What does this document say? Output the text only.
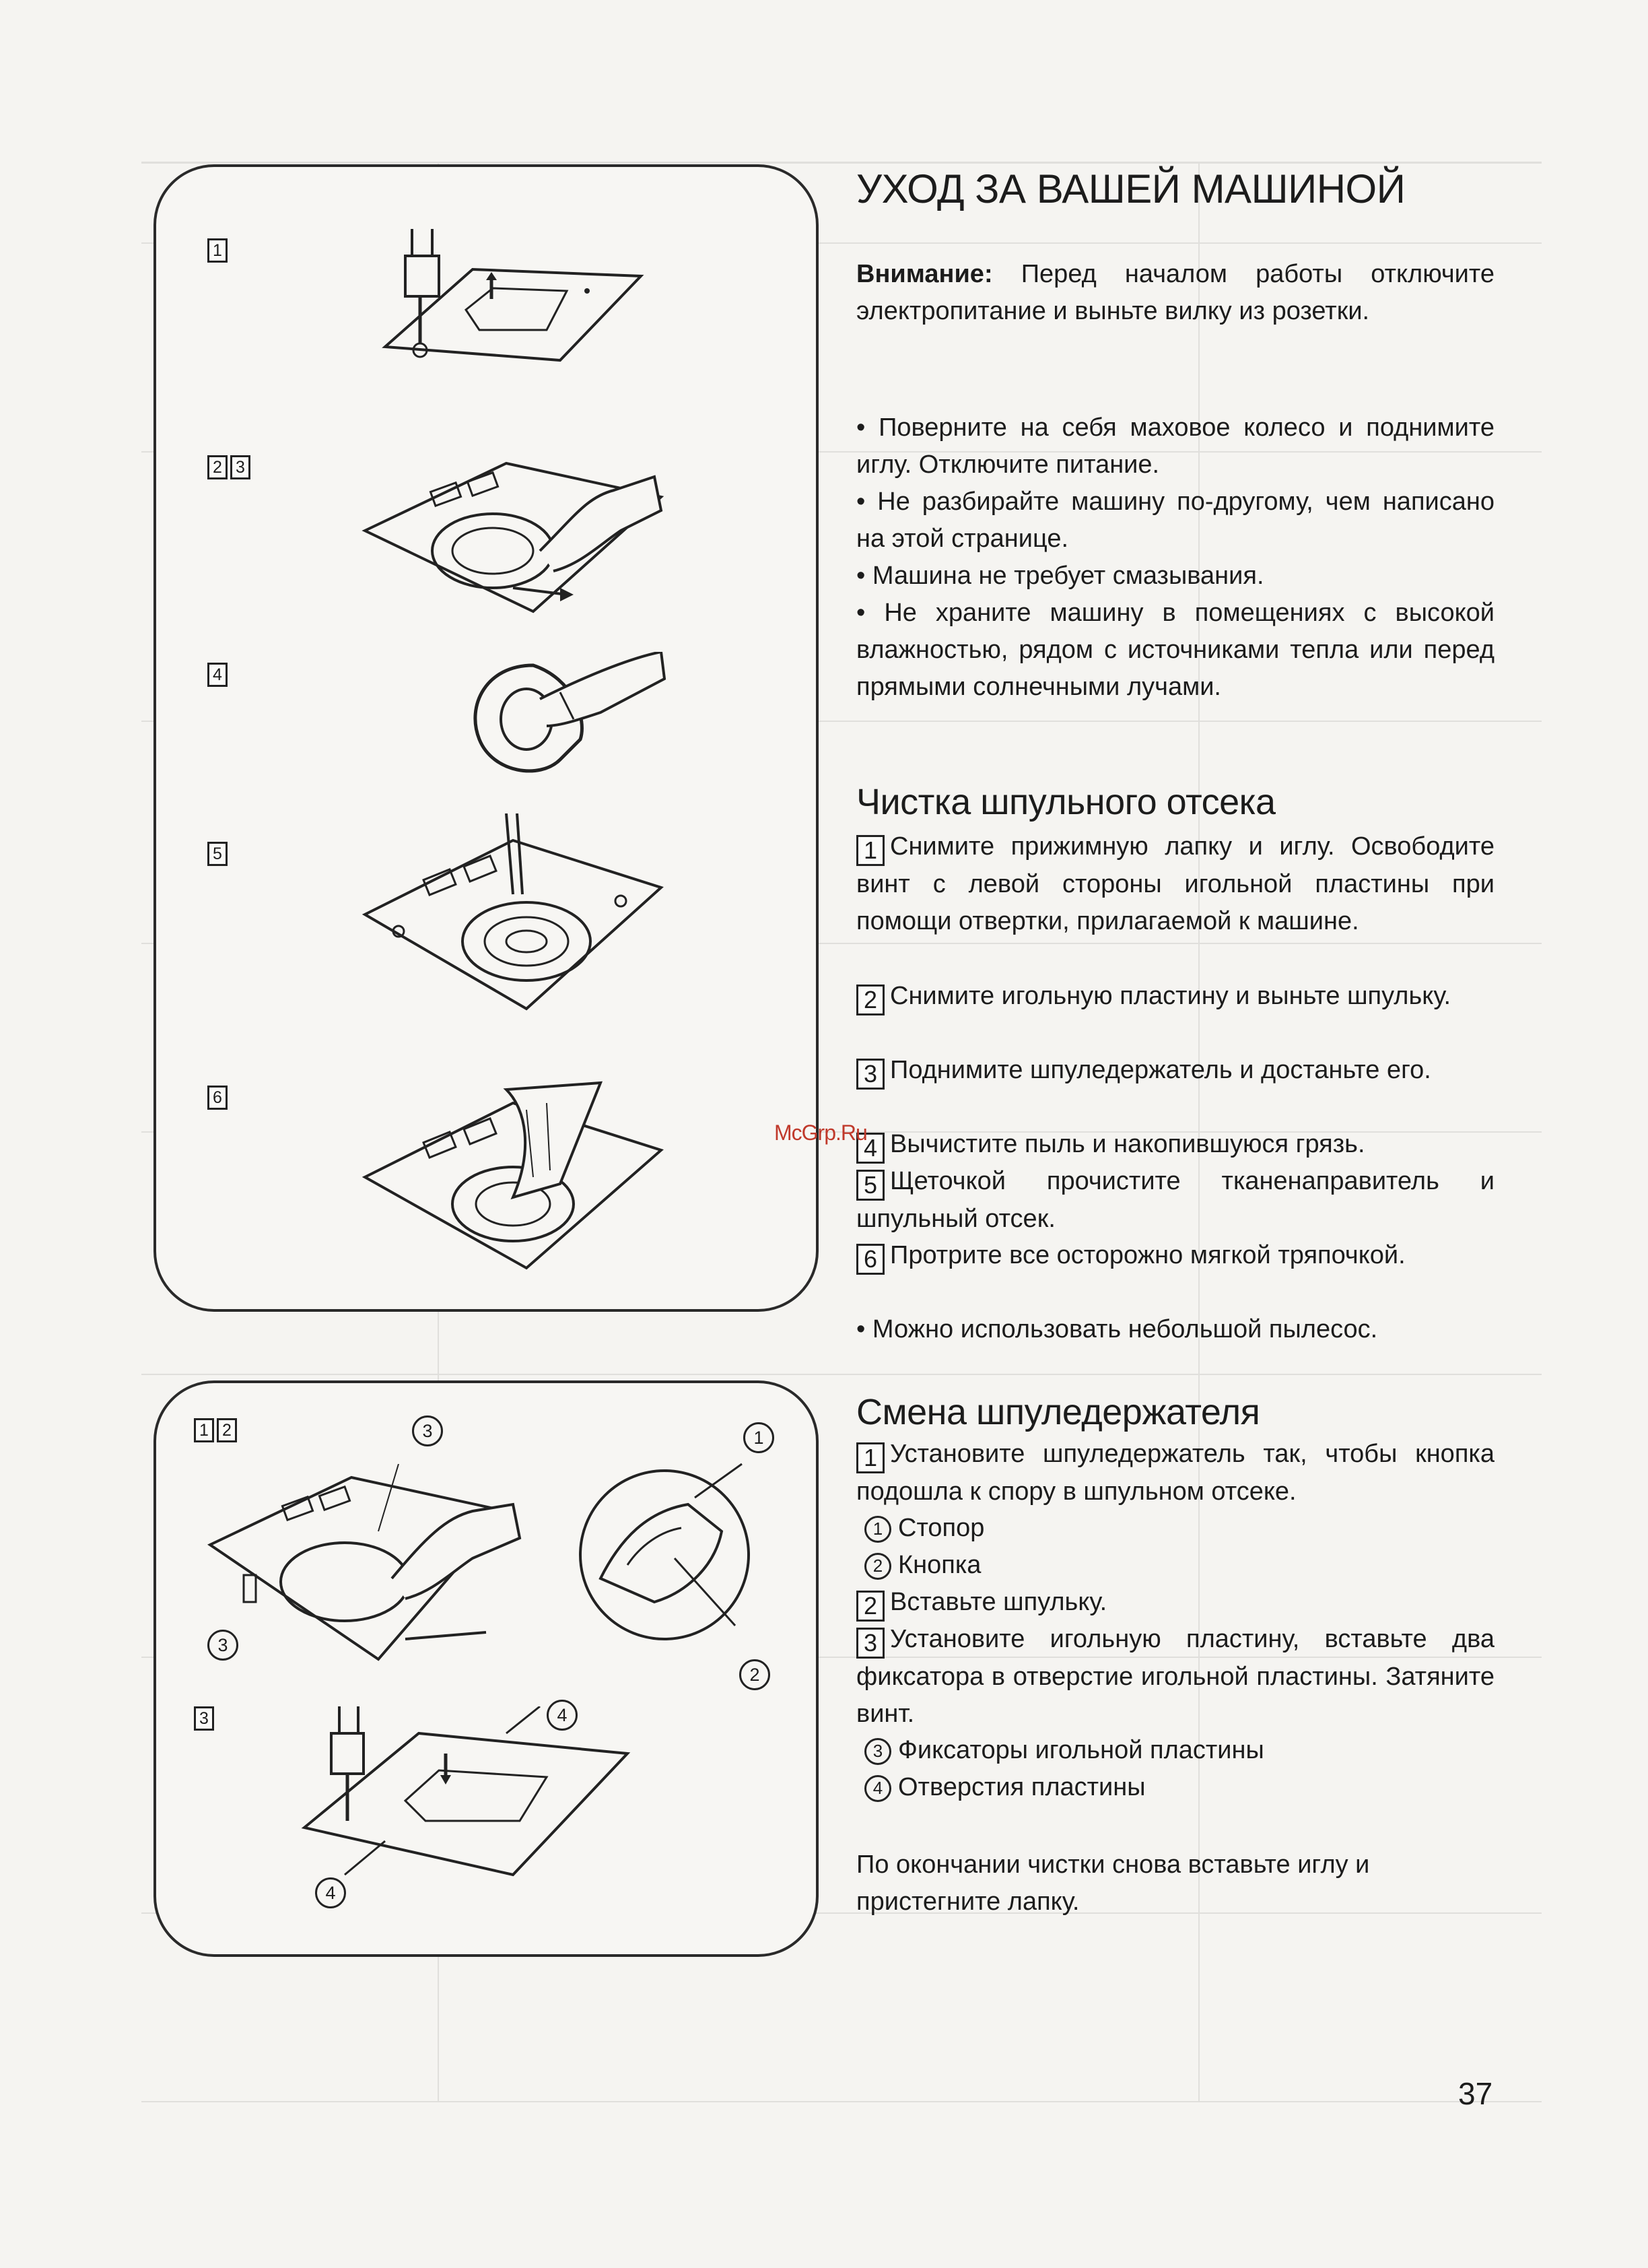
1
2 3
4
5
6
1 2	3
3
1
2
3	4
4
УХОД ЗА ВАШЕЙ МАШИНОЙ
Внимание: Перед началом работы отключите электропитание и выньте вилку из розетки.
• Поверните на себя маховое колесо и поднимите иглу. Отключите питание.
• Не разбирайте машину по-другому, чем написано на этой странице.
• Машина не требует смазывания.
• Не храните машину в помещениях с высокой влажностью, рядом с источниками тепла или перед прямыми солнечными лучами.
Чистка шпульного отсека
1 Снимите прижимную лапку и иглу. Освободите винт с левой стороны игольной пластины при помощи отвертки, прилагаемой к машине.
2 Снимите игольную пластину и выньте шпульку.
3 Поднимите шпуледержатель и достаньте его.
4 Вычистите пыль и накопившуюся грязь.
5 Щеточкой прочистите тканенаправитель и шпульный отсек.
6 Протрите все осторожно мягкой тряпочкой.
• Можно использовать небольшой пылесос.
McGrp.Ru
Смена шпуледержателя
1 Установите шпуледержатель так, чтобы кнопка подошла к спору в шпульном отсеке.
1 Стопор
2 Кнопка
2 Вставьте шпульку.
3 Установите игольную пластину, вставьте два фиксатора в отверстие игольной пластины. Затяните винт.
3 Фиксаторы игольной пластины
4 Отверстия пластины
По окончании чистки снова вставьте иглу и пристегните лапку.
37
